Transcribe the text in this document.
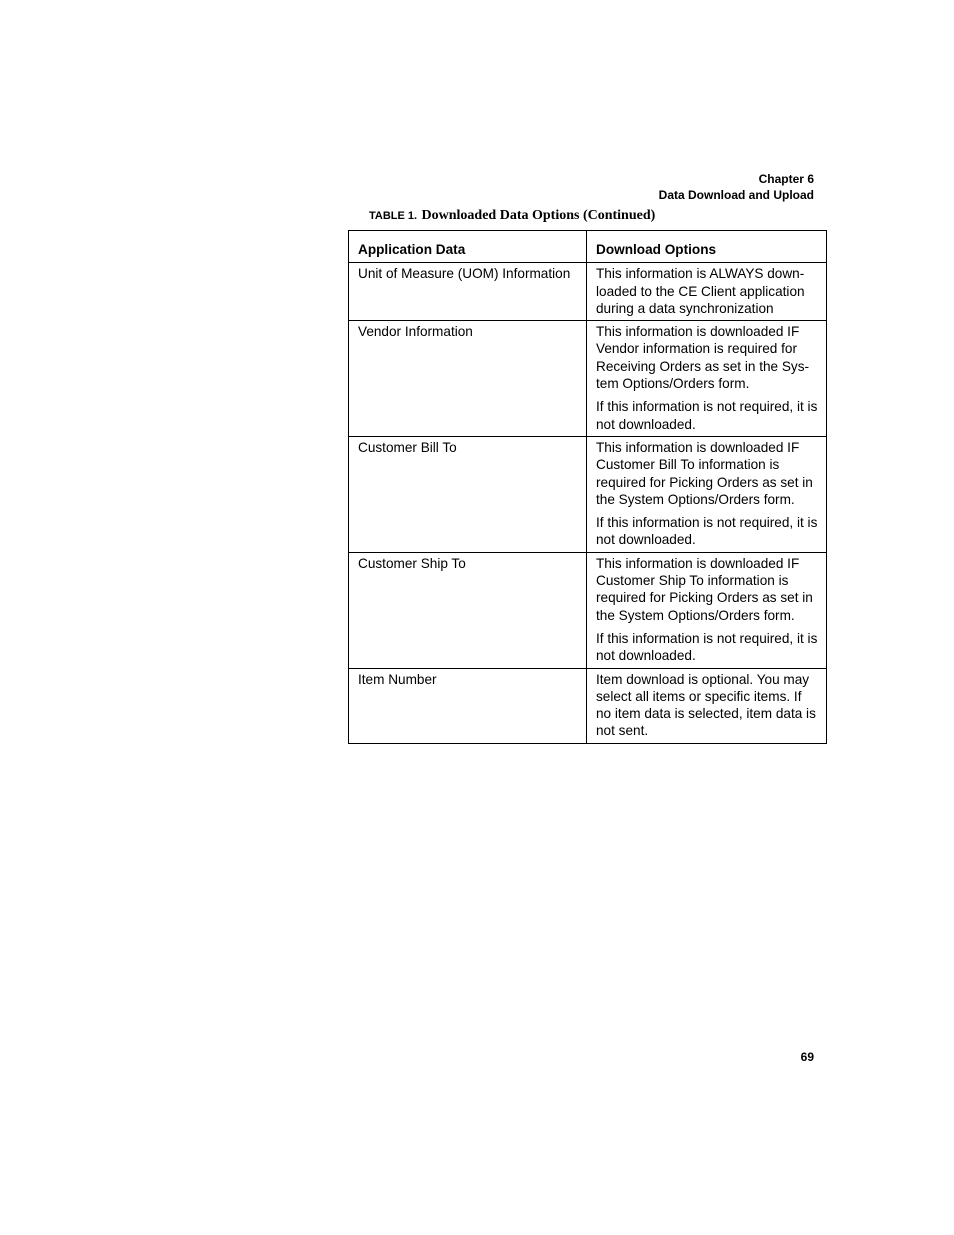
Chapter 6
Data Download and Upload
TABLE 1. Downloaded Data Options (Continued)
Application Data	Download Options
Unit of Measure (UOM) Information	This information is ALWAYS down-loaded to the CE Client application during a data synchronization

Vendor Information	This information is downloaded IF Vendor information is required for Receiving Orders as set in the Sys-tem Options/Orders form.

If this information is not required, it is not downloaded.

Customer Bill To	This information is downloaded IF Customer Bill To information is required for Picking Orders as set in the System Options/Orders form.

If this information is not required, it is not downloaded.

Customer Ship To	This information is downloaded IF Customer Ship To information is required for Picking Orders as set in the System Options/Orders form.

If this information is not required, it is not downloaded.

Item Number	Item download is optional. You may select all items or specific items. If no item data is selected, item data is not sent.

69
